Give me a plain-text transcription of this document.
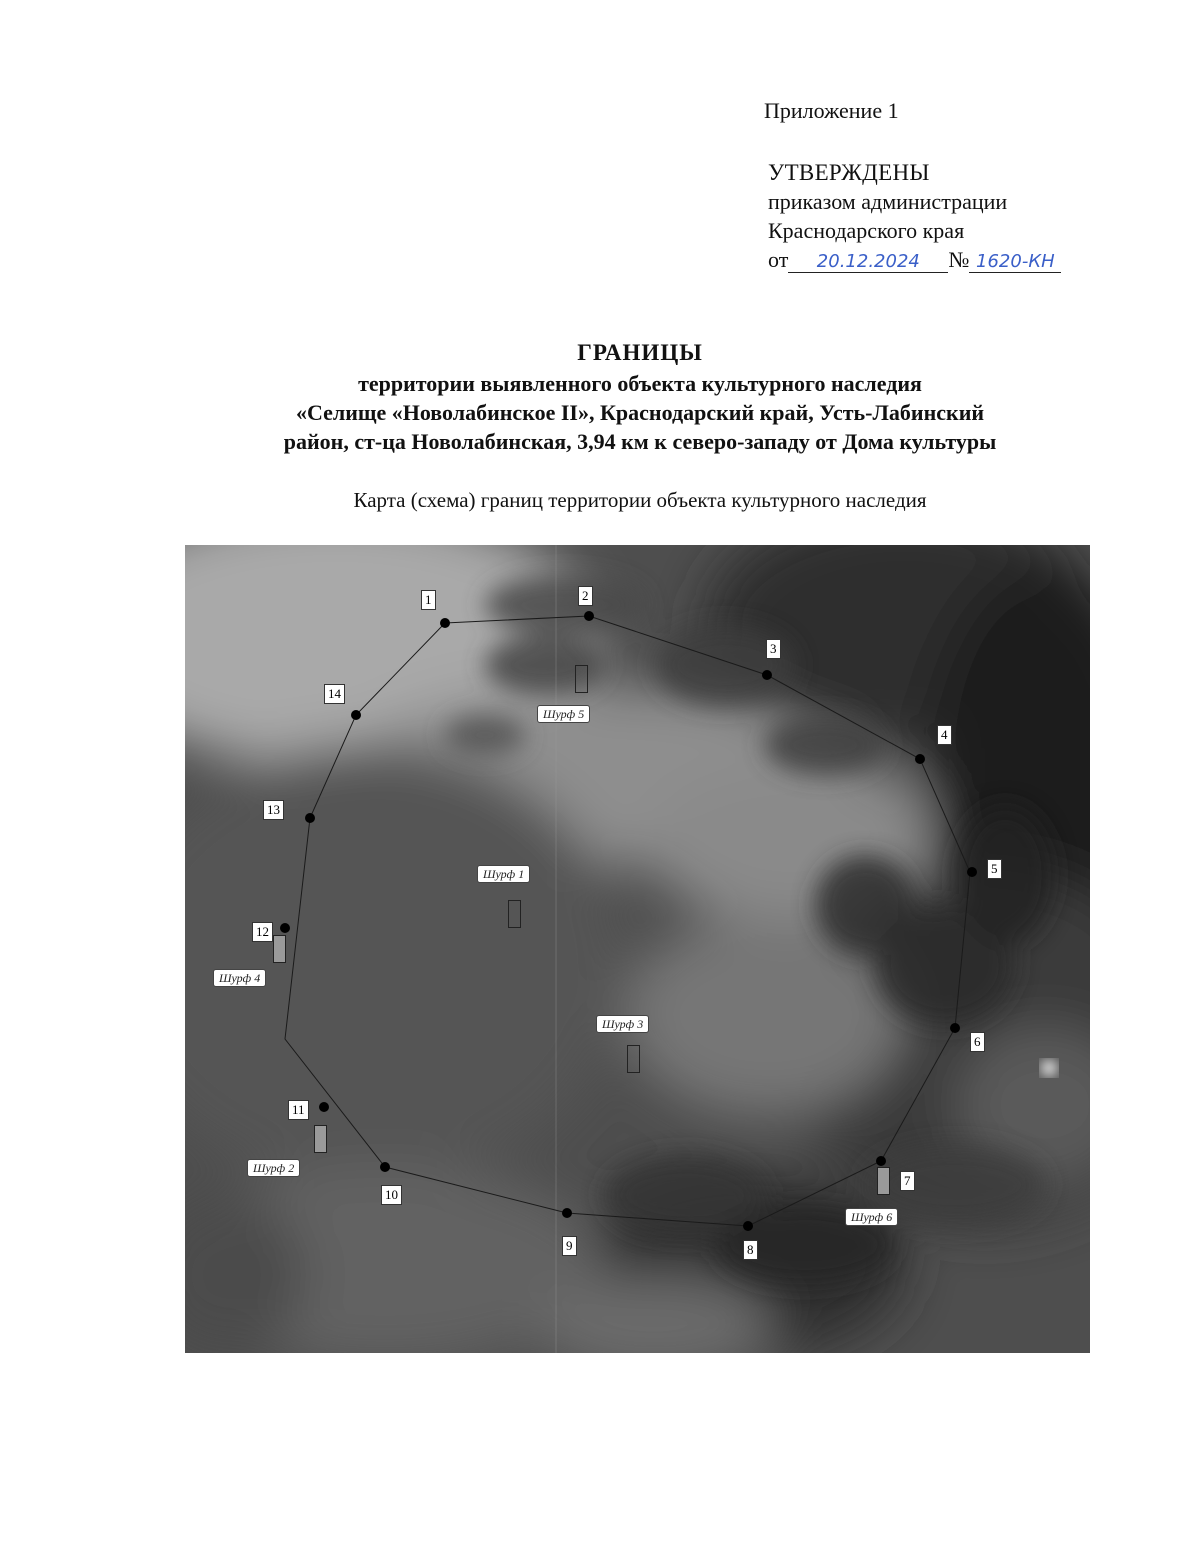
Приложение 1
УТВЕРЖДЕНЫ
приказом администрации
Краснодарского края
от 20.12.2024 № 1620-КН
ГРАНИЦЫ
территории выявленного объекта культурного наследия
«Селище «Новолабинское II», Краснодарский край, Усть-Лабинский
район, ст-ца Новолабинская, 3,94 км к северо-западу от Дома культуры
Карта (схема) границ территории объекта культурного наследия
1	2
3
4
5
6
7
8
9
10
11
12
13
14
Шурф 1
Шурф 2
Шурф 3
Шурф 4
Шурф 5
Шурф 6
